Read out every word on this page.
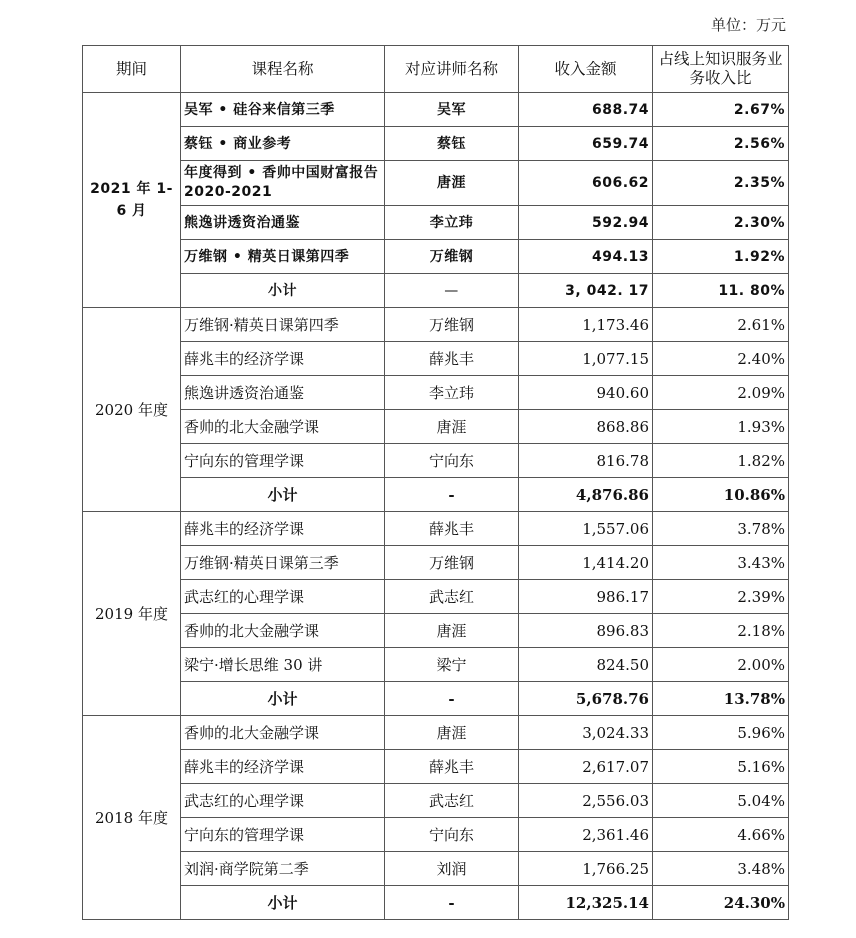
单位：万元
期间	课程名称	对应讲师名称	收入金额	占线上知识服务业务收入比
2021 年 1-6 月	吴军 • 硅谷来信第三季	吴军	688.74	2.67%
	蔡钰 • 商业参考	蔡钰	659.74	2.56%
	年度得到 • 香帅中国财富报告 2020-2021	唐涯	606.62	2.35%
	熊逸讲透资治通鉴	李立玮	592.94	2.30%
	万维钢 • 精英日课第四季	万维钢	494.13	1.92%
	小计	—	3, 042. 17	11. 80%
2020 年度	万维钢·精英日课第四季	万维钢	1,173.46	2.61%
	薛兆丰的经济学课	薛兆丰	1,077.15	2.40%
	熊逸讲透资治通鉴	李立玮	940.60	2.09%
	香帅的北大金融学课	唐涯	868.86	1.93%
	宁向东的管理学课	宁向东	816.78	1.82%
	小计	-	4,876.86	10.86%
2019 年度	薛兆丰的经济学课	薛兆丰	1,557.06	3.78%
	万维钢·精英日课第三季	万维钢	1,414.20	3.43%
	武志红的心理学课	武志红	986.17	2.39%
	香帅的北大金融学课	唐涯	896.83	2.18%
	梁宁·增长思维 30 讲	梁宁	824.50	2.00%
	小计	-	5,678.76	13.78%
2018 年度	香帅的北大金融学课	唐涯	3,024.33	5.96%
	薛兆丰的经济学课	薛兆丰	2,617.07	5.16%
	武志红的心理学课	武志红	2,556.03	5.04%
	宁向东的管理学课	宁向东	2,361.46	4.66%
	刘润·商学院第二季	刘润	1,766.25	3.48%
	小计	-	12,325.14	24.30%
